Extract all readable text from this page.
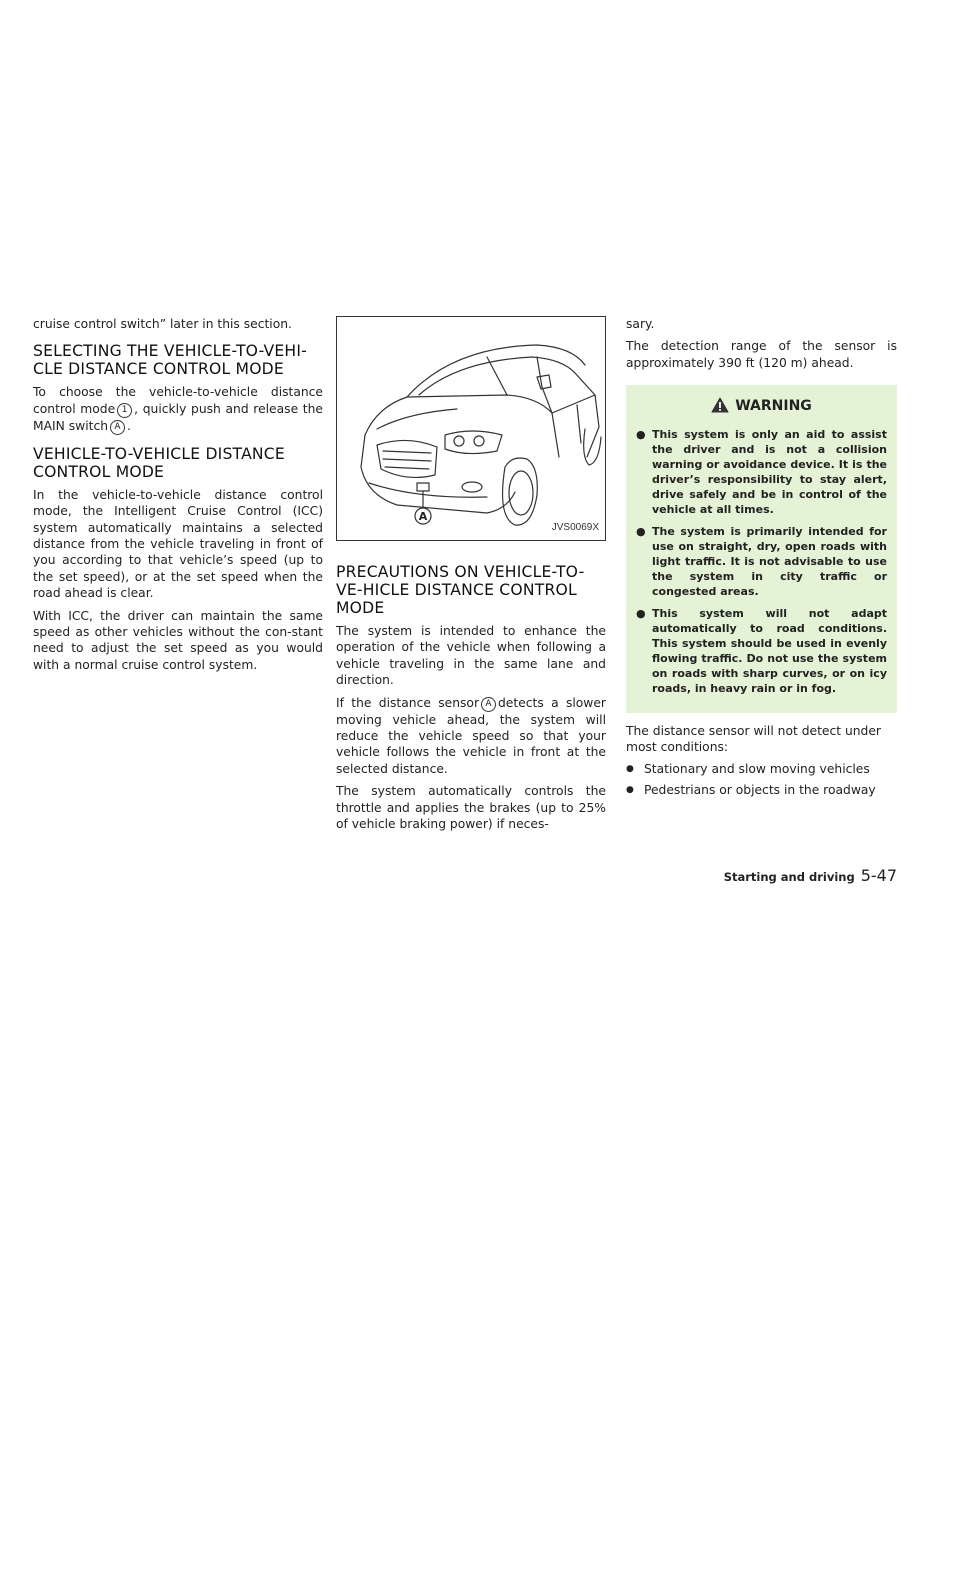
cruise control switch” later in this section.

SELECTING THE VEHICLE-TO-VEHI-CLE DISTANCE CONTROL MODE

To choose the vehicle-to-vehicle distance control mode 1 , quickly push and release the MAIN switch A .

VEHICLE-TO-VEHICLE DISTANCE CONTROL MODE

In the vehicle-to-vehicle distance control mode, the Intelligent Cruise Control (ICC) system automatically maintains a selected distance from the vehicle traveling in front of you according to that vehicle’s speed (up to the set speed), or at the set speed when the road ahead is clear.

With ICC, the driver can maintain the same speed as other vehicles without the con-stant need to adjust the set speed as you would with a normal cruise control system.

A
JVS0069X
PRECAUTIONS ON VEHICLE-TO-VE-HICLE DISTANCE CONTROL MODE

The system is intended to enhance the operation of the vehicle when following a vehicle traveling in the same lane and direction.

If the distance sensor A detects a slower moving vehicle ahead, the system will reduce the vehicle speed so that your vehicle follows the vehicle in front at the selected distance.

The system automatically controls the throttle and applies the brakes (up to 25% of vehicle braking power) if neces-

sary.

The detection range of the sensor is approximately 390 ft (120 m) ahead.

WARNING
● This system is only an aid to assist the driver and is not a collision warning or avoidance device. It is the driver’s responsibility to stay alert, drive safely and be in control of the vehicle at all times.
● The system is primarily intended for use on straight, dry, open roads with light traffic. It is not advisable to use the system in city traffic or congested areas.
● This system will not adapt automatically to road conditions. This system should be used in evenly flowing traffic. Do not use the system on roads with sharp curves, or on icy roads, in heavy rain or in fog.

The distance sensor will not detect under most conditions:

● Stationary and slow moving vehicles
● Pedestrians or objects in the roadway
Starting and driving 5-47
